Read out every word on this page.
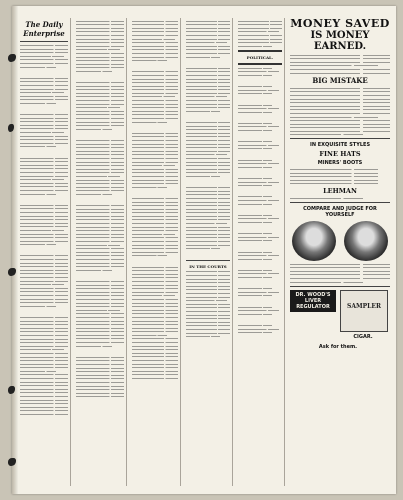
The Daily Enterprise
IN THE COURTS
POLITICAL.
MONEY SAVED
IS MONEY EARNED.
BIG MISTAKE
IN EXQUISITE STYLES
FINE HATS
MINERS' BOOTS
LEHMAN
COMPARE AND JUDGE FOR YOURSELF
DR. WOOD'S
LIVER REGULATOR	SAMPLER
CIGAR.
Ask for them.
